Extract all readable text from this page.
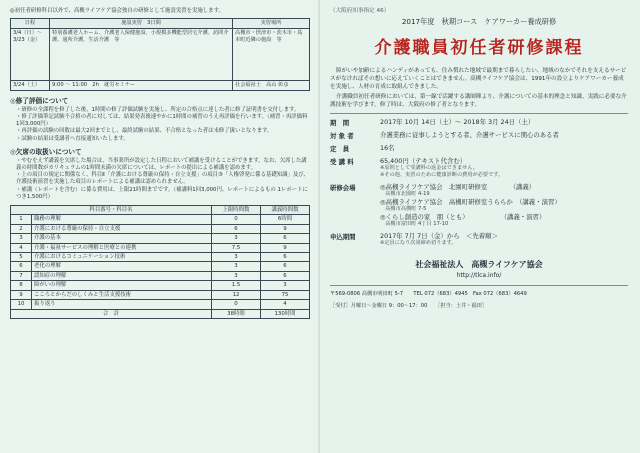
◎初任者研修科目以外で、高槻ライフケア協会独自の研修として施設実習を実施します。

日程	施設実習　3日間	実習場所
3/4（日）〜3/23（金）	特別養護老人ホーム、介護老人保健施設、小規模多機能型居宅介護、訪問介護、通所介護、生活介護　等	高槻市・摂津市・茨木市・島本町近隣の施設　等
3/24（土）	9:00 〜 11:00　2h　就労セミナー	社会福祉士　高山 彰彦

◎修了評価について

・研修の全課程を修了した後、1時間の修了評価試験を実施し、所定の合格点に達した者に修了証明書を交付します。

・修了評価筆記試験不合格の者に対しては、結果発表後速やかに1時間の補習のうえ再評価を行います。（補習・再評価料1回3,000円）

・再評価の試験の回数は最大2回までとし、最終試験の結果、不合格となった者は未修了扱いとなります。

・試験の結果は受講者へ直接通知いたします。

◎欠席の取扱いについて

・やむをえず講義を欠席した場合は、当事業所が設定した日程において補講を受けることができます。なお、欠席した講義の時間数がカリキュラムの1時間未満の欠席については、レポートの提出による補講を認めます。

・上の項目の規定に関係なく、科目Ⅱ「介護における尊厳の保持・自立支援」の項目③「人権啓発に係る基礎知識」及び、介護技術演習を実施した項目のレポートによる補講は認められません。

・補講（レポートを含む）に係る費用は、上限21時間までです。（補講料1回3,000円、レポートによるもの 1レポートにつき1,500円）

科目番号・科目名		上限時間数	講義時間数
1	職務の理解	0	6時間
2	介護における尊厳の保持・自立支援	6	9
3	介護の基本	3	6
4	介護・福祉サービスの理解と医療との連携	7.5	9
5	介護におけるコミュニケーション技術	3	6
6	老化の理解	3	6
7	認知症の理解	3	6
8	障がいの理解	1.5	3
9	こころとからだのしくみと生活支援技術	12	75
10	振り返り	0	4
合　計		38時間	130時間

（大阪府知事指定 46）

2017年度　秋期コース　ケアワーカー養成研修

介護職員初任者研修課程

障がいや加齢によるハンディがあっても、住み慣れた地域で最期まで暮らしたい、地域のなかでそれを支えるサービスがなければその想いに応えていくことはできません。高槻ライフケア協会は、1991年の設立よりケアワーカー養成を実施し、人材の育成に取組んできました。

介護職員初任者研修においては、第一線で活躍する講師陣より、介護についての基本的理念と知識、実践に必要な介護技術を学びます。修了時は、大阪府の修了者となります。

期　間	2017年 10月 14日（土）〜 2018年 3月 24日（土）
対 象 者	介護業務に従事しようとする者、介護サービスに関心のある者
定　員	16名
受 講 料	65,400円（テキスト代含む）
※原則として受講料の返金はできません。
※その他、実習のために健康診断の費用が必要です。
研修会場	◎高槻ライフケア協会　北園町研修室　　　　（講義）
　高槻市北園町 4-19
◎高槻ライフケア協会　高槻町研修室うららか　（講義・演習）
　高槻市高槻町 7-5
◎くらし創造の家　朋（とも）　　　　　　（講義・演習）
　高槻市富田町 4丁目 17-10
申込期間	2017年 7月 7日（金）から　＜先着順＞
※定員になり次第締め切ります。

社会福祉法人　高槻ライフケア協会

http://tlca.info/

〒569-0806 高槻市明田町 5-7　　TEL 072（683）4945　Fax 072（683）4649

［受付］月曜日〜金曜日 9：00〜17：00　　［担当：土井・福田］
